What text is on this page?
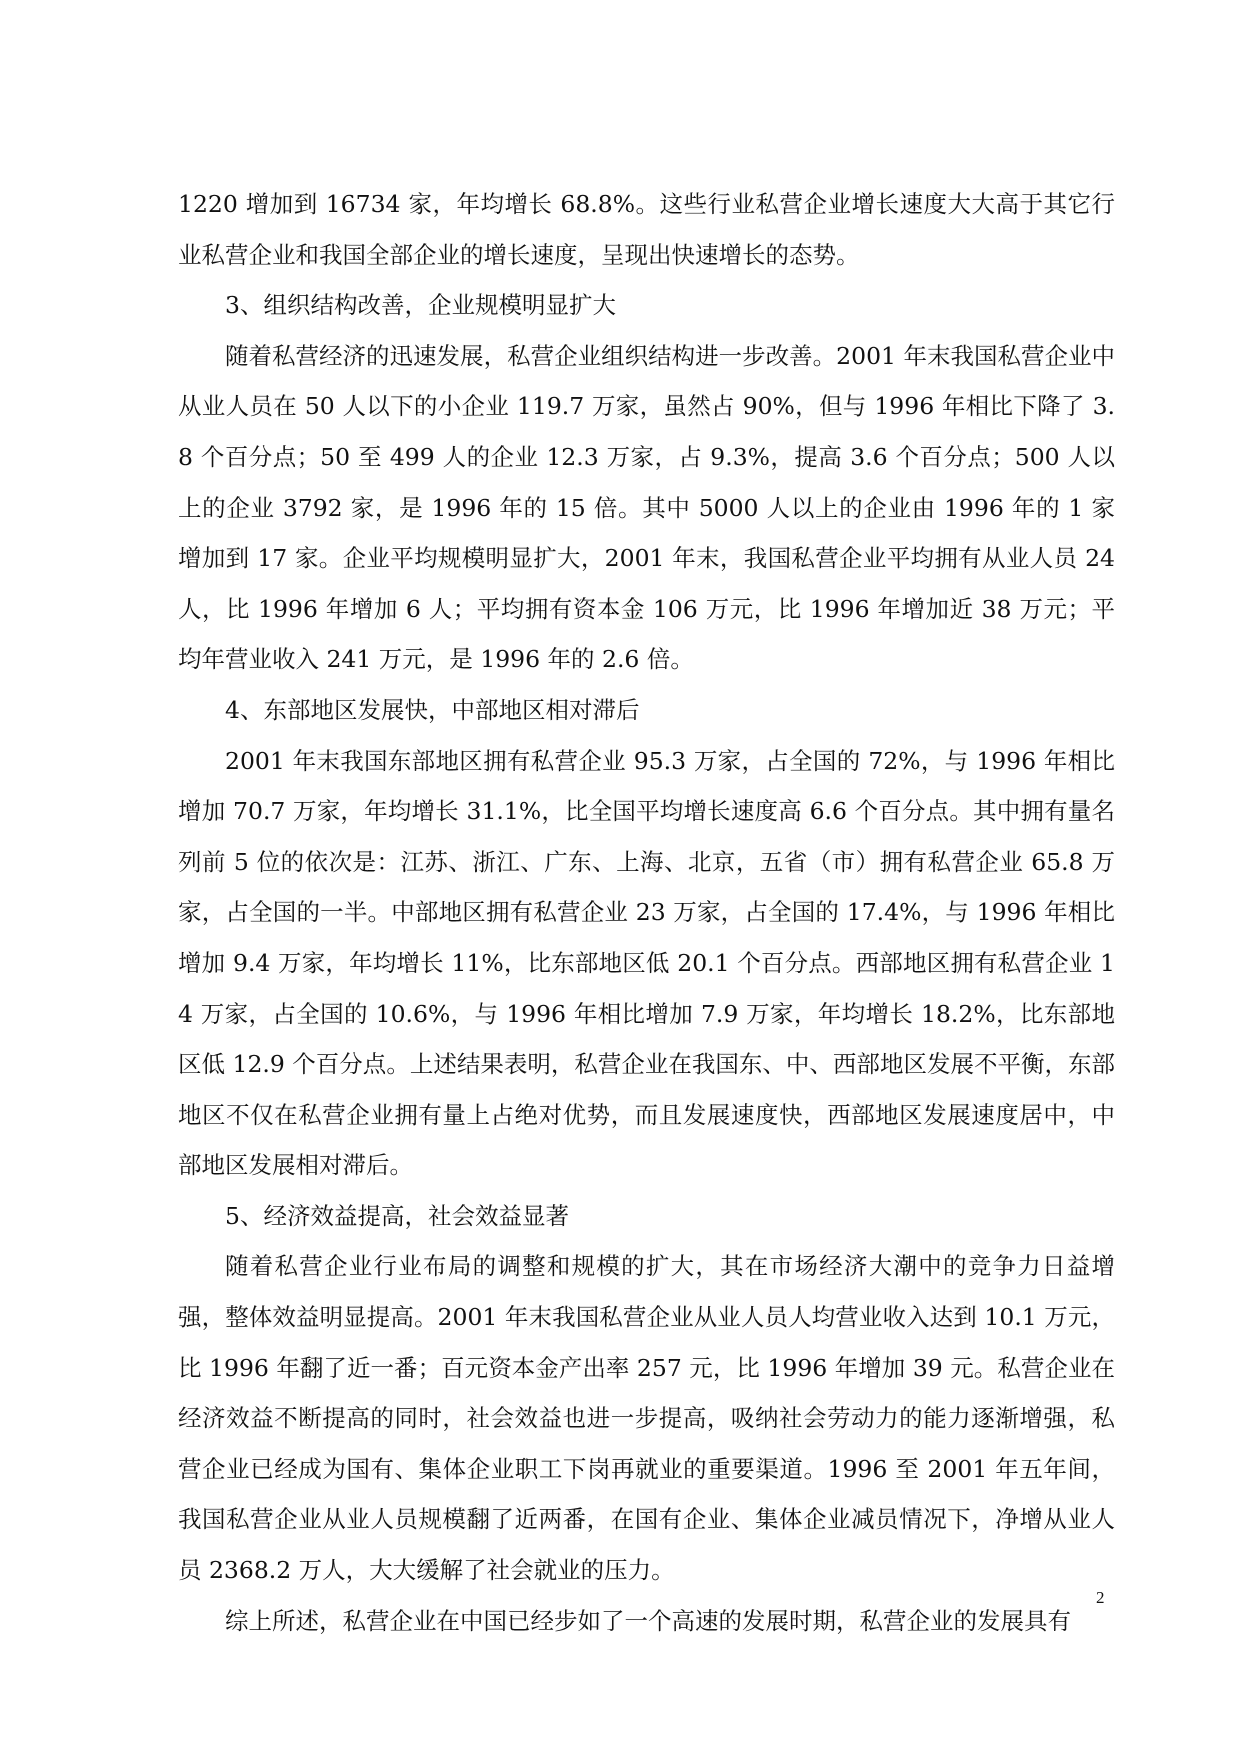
1220 增加到 16734 家，年均增长 68.8%。这些行业私营企业增长速度大大高于其它行业私营企业和我国全部企业的增长速度，呈现出快速增长的态势。

3、组织结构改善，企业规模明显扩大

随着私营经济的迅速发展，私营企业组织结构进一步改善。2001 年末我国私营企业中从业人员在 50 人以下的小企业 119.7 万家，虽然占 90%，但与 1996 年相比下降了 3.8 个百分点；50 至 499 人的企业 12.3 万家，占 9.3%，提高 3.6 个百分点；500 人以上的企业 3792 家，是 1996 年的 15 倍。其中 5000 人以上的企业由 1996 年的 1 家增加到 17 家。企业平均规模明显扩大，2001 年末，我国私营企业平均拥有从业人员 24 人，比 1996 年增加 6 人；平均拥有资本金 106 万元，比 1996 年增加近 38 万元；平均年营业收入 241 万元，是 1996 年的 2.6 倍。

4、东部地区发展快，中部地区相对滞后

2001 年末我国东部地区拥有私营企业 95.3 万家，占全国的 72%，与 1996 年相比增加 70.7 万家，年均增长 31.1%，比全国平均增长速度高 6.6 个百分点。其中拥有量名列前 5 位的依次是：江苏、浙江、广东、上海、北京，五省（市）拥有私营企业 65.8 万家，占全国的一半。中部地区拥有私营企业 23 万家，占全国的 17.4%，与 1996 年相比增加 9.4 万家，年均增长 11%，比东部地区低 20.1 个百分点。西部地区拥有私营企业 14 万家，占全国的 10.6%，与 1996 年相比增加 7.9 万家，年均增长 18.2%，比东部地区低 12.9 个百分点。上述结果表明，私营企业在我国东、中、西部地区发展不平衡，东部地区不仅在私营企业拥有量上占绝对优势，而且发展速度快，西部地区发展速度居中，中部地区发展相对滞后。

5、经济效益提高，社会效益显著

随着私营企业行业布局的调整和规模的扩大，其在市场经济大潮中的竞争力日益增强，整体效益明显提高。2001 年末我国私营企业从业人员人均营业收入达到 10.1 万元，比 1996 年翻了近一番；百元资本金产出率 257 元，比 1996 年增加 39 元。私营企业在经济效益不断提高的同时，社会效益也进一步提高，吸纳社会劳动力的能力逐渐增强，私营企业已经成为国有、集体企业职工下岗再就业的重要渠道。1996 至 2001 年五年间，我国私营企业从业人员规模翻了近两番，在国有企业、集体企业减员情况下，净增从业人员 2368.2 万人，大大缓解了社会就业的压力。

综上所述，私营企业在中国已经步如了一个高速的发展时期，私营企业的发展具有

2
